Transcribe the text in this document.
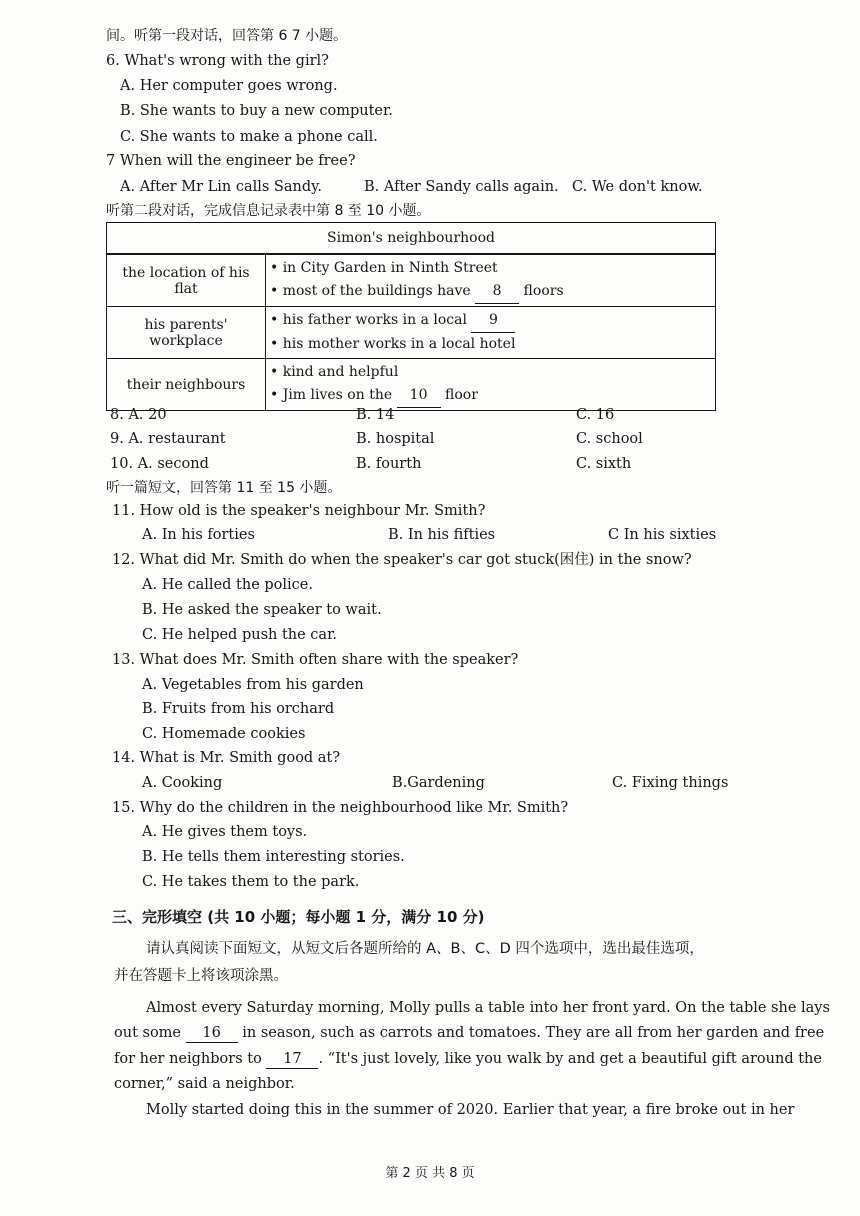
间。听第一段对话，回答第 6 7 小题。
6. What's wrong with the girl?
A. Her computer goes wrong.
B. She wants to buy a new computer.
C. She wants to make a phone call.
7 When will the engineer be free?
A. After Mr Lin calls Sandy.	B. After Sandy calls again. C. We don't know.
听第二段对话，完成信息记录表中第 8 至 10 小题。
Simon's neighbourhood	
the location of his flat	• in City Garden in Ninth Street
• most of the buildings have 8 floors

his parents' workplace	• his father works in a local 9
• his mother works in a local hotel

their neighbours	• kind and helpful
• Jim lives on the 10 floor
8. A. 20	B. 14	C. 16
9. A. restaurant	B. hospital	C. school
10. A. second	B. fourth	C. sixth
听一篇短文，回答第 11 至 15 小题。
11. How old is the speaker's neighbour Mr. Smith?
A. In his forties	B. In his fifties	C In his sixties
12. What did Mr. Smith do when the speaker's car got stuck(困住) in the snow?
A. He called the police.
B. He asked the speaker to wait.
C. He helped push the car.
13. What does Mr. Smith often share with the speaker?
A. Vegetables from his garden
B. Fruits from his orchard
C. Homemade cookies
14. What is Mr. Smith good at?
A. Cooking	B.Gardening	C. Fixing things
15. Why do the children in the neighbourhood like Mr. Smith?
A. He gives them toys.
B. He tells them interesting stories.
C. He takes them to the park.
三、完形填空 (共 10 小题；每小题 1 分，满分 10 分)
请认真阅读下面短文，从短文后各题所给的 A、B、C、D 四个选项中，选出最佳选项，
并在答题卡上将该项涂黑。
Almost every Saturday morning, Molly pulls a table into her front yard. On the table she lays
out some 16 in season, such as carrots and tomatoes. They are all from her garden and free
for her neighbors to 17 . “It's just lovely, like you walk by and get a beautiful gift around the
corner,” said a neighbor.
Molly started doing this in the summer of 2020. Earlier that year, a fire broke out in her
第 2 页 共 8 页
